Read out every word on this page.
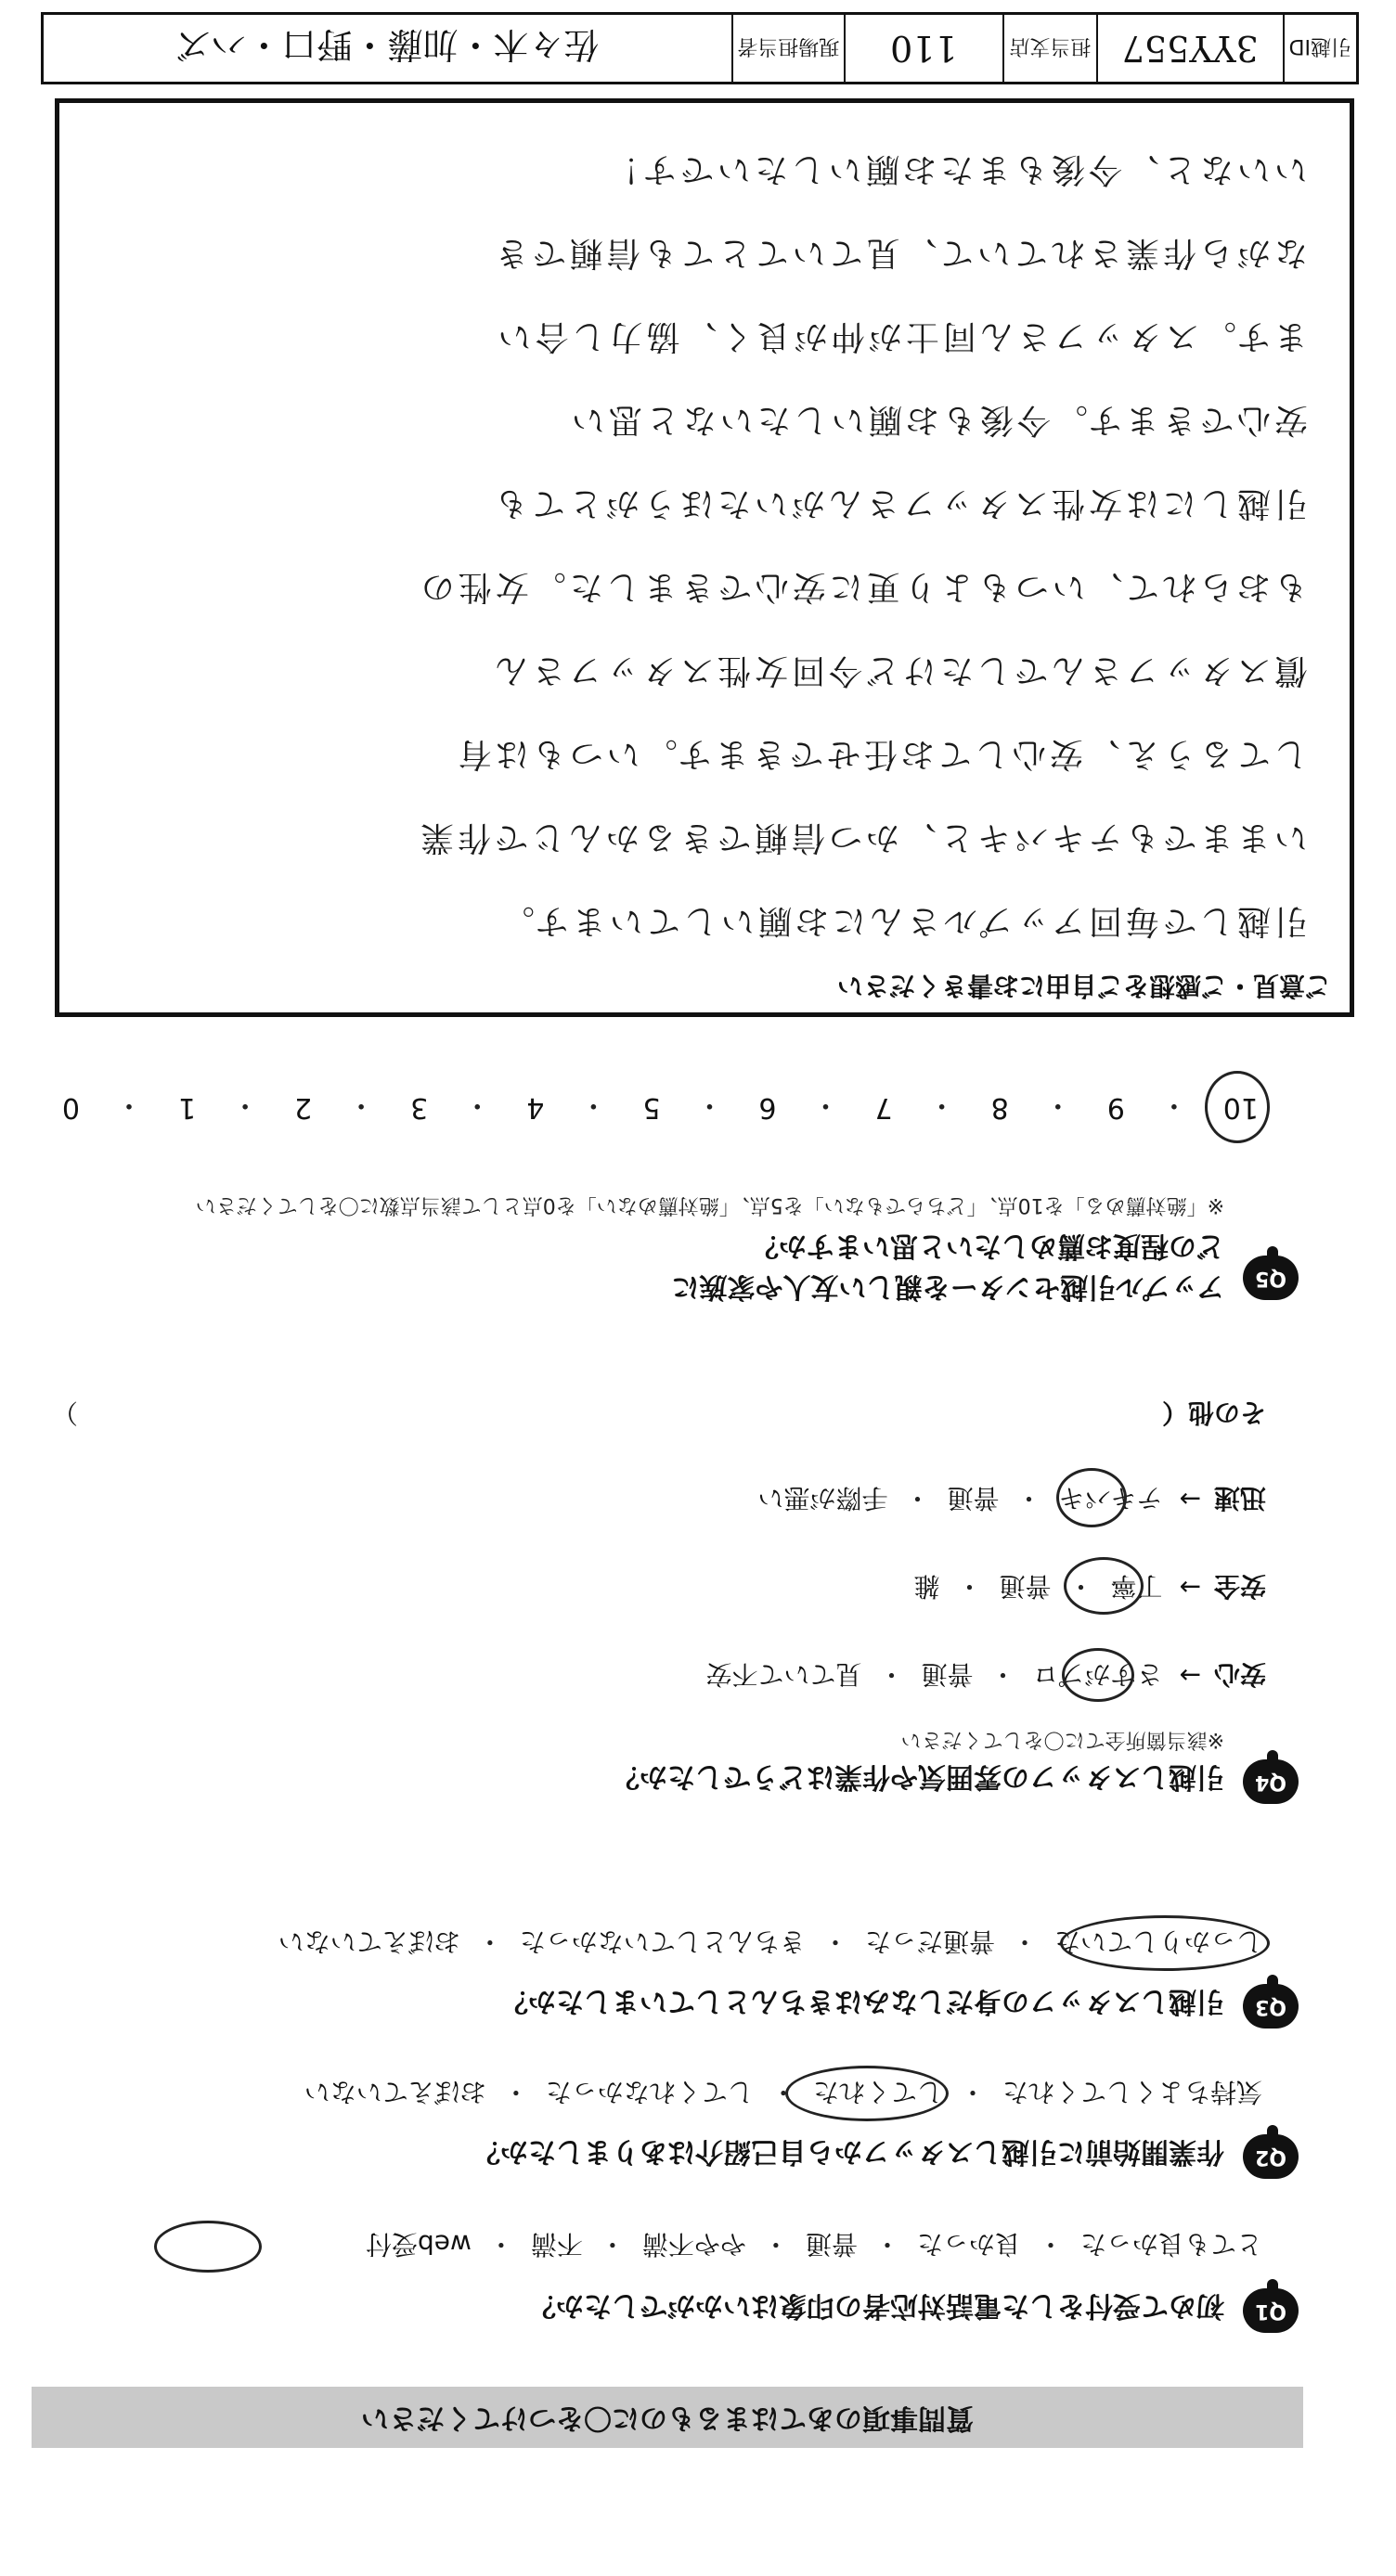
質問事項のあてはまるものに〇をつけてください
Q1
初めて受付をした電話対応者の印象はいかがでしたか？
とても良かった
・
良かった
・
普通
・
やや不満
・
不満
・
web受付
Q2
作業開始前に引越しスタッフから自己紹介はありましたか？
気持ちよくしてくれた
・
してくれた
・
してくれなかった
・
おぼえていない
Q3
引越しスタッフの身だしなみはきちんとしていましたか？
しっかりしていた
・
普通だった
・
きちんとしていなかった
・
おぼえていない
Q4
引越しスタッフの雰囲気や作業はどうでしたか？
※該当箇所全てに〇をしてください
安心
→
さすがプロ
・
普通
・
見ていて不安
安全
→
丁寧
・
普通
・
雑
迅速
→
テキパキ
・
普通
・
手際が悪い
その他（
）
Q5
アップル引越センターを親しい友人や家族に
どの程度お薦めしたいと思いますか？
※「絶対薦める」を10点、「どちらでもない」を5点、「絶対薦めない」を0点として該当点数に〇をしてください
10
・
9
・
8
・
7
・
6
・
5
・
4
・
3
・
2
・
1
・
0
ご意見・ご感想をご自由にお書きください
引越しで毎回アップルさんにお願いしています。
いままでもテキパキと、かつ信頼できるかんじで作業
してるうえ、安心してお任せできます。いつもは有
償スタッフさんでしたけど今回女性スタッフさん
もおられて、いつもより更に安心できました。女性の
引越しには女性スタッフさんがいたほうがとても
安心できます。今後もお願いしたいなと思い
ます。スタッフさん同士が仲が良く、協力し合い
ながら作業されていて、見ていてとても信頼でき
いいなと、今後もまたお願いしたいです！
引越ID
3YY557
担当支店
110
現場担当者
佐々木・加藤・野口・ハズ
